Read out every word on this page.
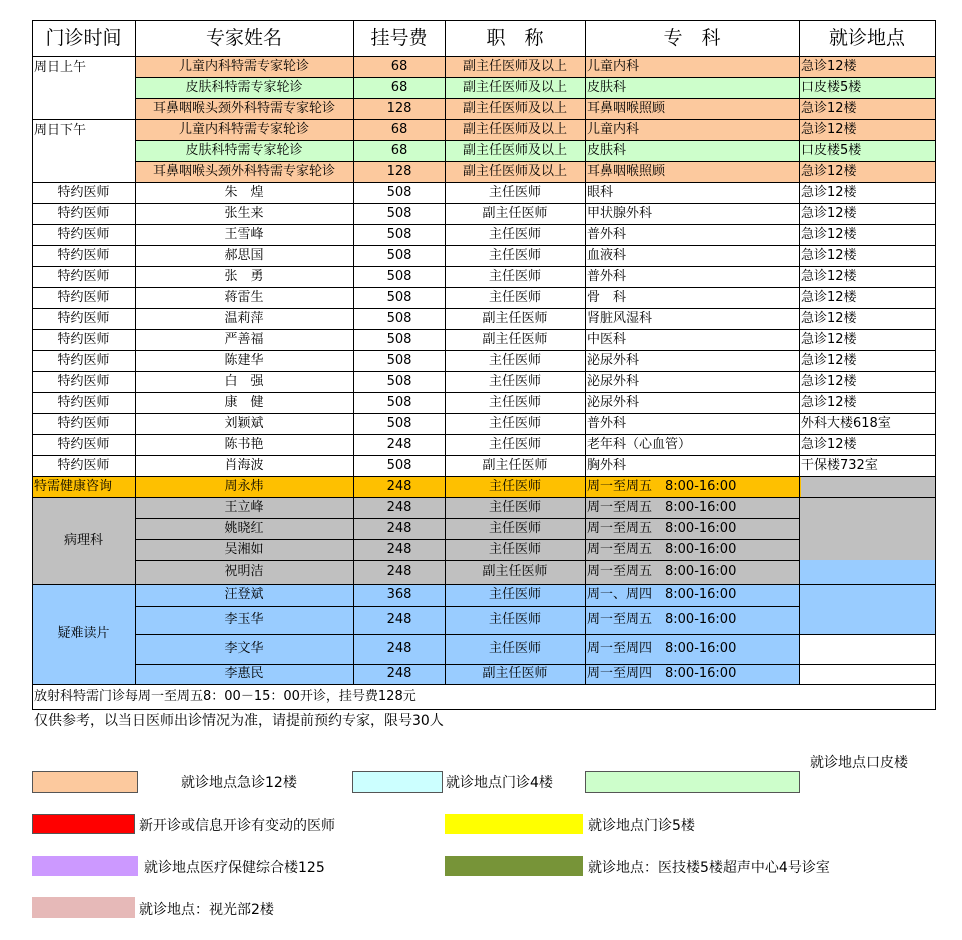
门诊时间	专家姓名	挂号费	职　称	专　科	就诊地点
周日上午	儿童内科特需专家轮诊	68	副主任医师及以上	儿童内科	急诊12楼
皮肤科特需专家轮诊	68	副主任医师及以上	皮肤科	口皮楼5楼
耳鼻咽喉头颈外科特需专家轮诊	128	副主任医师及以上	耳鼻咽喉照顾	急诊12楼
周日下午	儿童内科特需专家轮诊	68	副主任医师及以上	儿童内科	急诊12楼
皮肤科特需专家轮诊	68	副主任医师及以上	皮肤科	口皮楼5楼
耳鼻咽喉头颈外科特需专家轮诊	128	副主任医师及以上	耳鼻咽喉照顾	急诊12楼
特约医师	朱　煌	508	主任医师	眼科	急诊12楼
特约医师	张生来	508	副主任医师	甲状腺外科	急诊12楼
特约医师	王雪峰	508	主任医师	普外科	急诊12楼
特约医师	郝思国	508	主任医师	血液科	急诊12楼
特约医师	张　勇	508	主任医师	普外科	急诊12楼
特约医师	蒋雷生	508	主任医师	骨　科	急诊12楼
特约医师	温莉萍	508	副主任医师	肾脏风湿科	急诊12楼
特约医师	严善福	508	副主任医师	中医科	急诊12楼
特约医师	陈建华	508	主任医师	泌尿外科	急诊12楼
特约医师	白　强	508	主任医师	泌尿外科	急诊12楼
特约医师	康　健	508	主任医师	泌尿外科	急诊12楼
特约医师	刘颖斌	508	主任医师	普外科	外科大楼618室
特约医师	陈书艳	248	主任医师	老年科（心血管）	急诊12楼
特约医师	肖海波	508	副主任医师	胸外科	干保楼732室
特需健康咨询	周永炜	248	主任医师	周一至周五　8:00-16:00
病理科
王立峰	248	主任医师	周一至周五　8:00-16:00
姚晓红	248	主任医师	周一至周五　8:00-16:00
吴湘如	248	主任医师	周一至周五　8:00-16:00
祝明洁	248	副主任医师	周一至周五　8:00-16:00
疑难读片
汪登斌	368	主任医师	周一、周四　8:00-16:00
李玉华	248	主任医师	周一至周五　8:00-16:00
李文华	248	主任医师	周一至周四　8:00-16:00
李惠民	248	副主任医师	周一至周四　8:00-16:00
放射科特需门诊每周一至周五8：00－15：00开诊，挂号费128元
仅供参考，以当日医师出诊情况为准，请提前预约专家，限号30人
就诊地点急诊12楼	就诊地点门诊4楼
就诊地点口皮楼
新开诊或信息开诊有变动的医师	就诊地点门诊5楼
就诊地点医疗保健综合楼125	就诊地点：医技楼5楼超声中心4号诊室
就诊地点：视光部2楼
